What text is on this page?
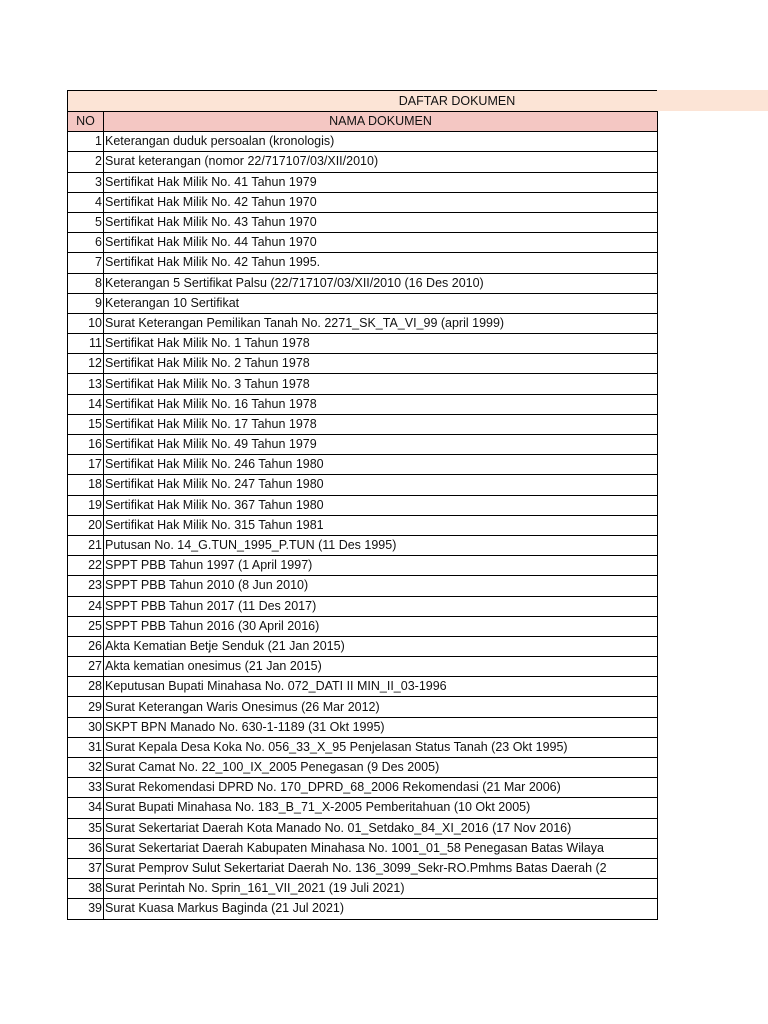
DAFTAR DOKUMEN
NO	NAMA DOKUMEN
1	Keterangan duduk persoalan (kronologis)
2	Surat keterangan (nomor 22/717107/03/XII/2010)
3	Sertifikat Hak Milik No. 41 Tahun 1979
4	Sertifikat Hak Milik No. 42 Tahun 1970
5	Sertifikat Hak Milik No. 43 Tahun 1970
6	Sertifikat Hak Milik No. 44 Tahun 1970
7	Sertifikat Hak Milik No. 42 Tahun 1995.
8	Keterangan 5 Sertifikat Palsu (22/717107/03/XII/2010 (16 Des 2010)
9	Keterangan 10 Sertifikat
10	Surat Keterangan Pemilikan Tanah No. 2271_SK_TA_VI_99 (april 1999)
11	Sertifikat Hak Milik No. 1 Tahun 1978
12	Sertifikat Hak Milik No. 2 Tahun 1978
13	Sertifikat Hak Milik No. 3 Tahun 1978
14	Sertifikat Hak Milik No. 16 Tahun 1978
15	Sertifikat Hak Milik No. 17 Tahun 1978
16	Sertifikat Hak Milik No. 49 Tahun 1979
17	Sertifikat Hak Milik No. 246 Tahun 1980
18	Sertifikat Hak Milik No. 247 Tahun 1980
19	Sertifikat Hak Milik No. 367 Tahun 1980
20	Sertifikat Hak Milik No. 315 Tahun 1981
21	Putusan No. 14_G.TUN_1995_P.TUN (11 Des 1995)
22	SPPT PBB Tahun 1997 (1 April 1997)
23	SPPT PBB Tahun 2010 (8 Jun 2010)
24	SPPT PBB Tahun 2017 (11 Des 2017)
25	SPPT PBB Tahun 2016 (30 April 2016)
26	Akta Kematian Betje Senduk (21 Jan 2015)
27	Akta kematian onesimus (21 Jan 2015)
28	Keputusan Bupati Minahasa No. 072_DATI II MIN_II_03-1996
29	Surat Keterangan Waris Onesimus (26 Mar 2012)
30	SKPT BPN Manado No. 630-1-1189 (31 Okt 1995)
31	Surat Kepala Desa Koka No. 056_33_X_95 Penjelasan Status Tanah (23 Okt 1995)
32	Surat Camat No. 22_100_IX_2005 Penegasan (9 Des 2005)
33	Surat Rekomendasi DPRD No. 170_DPRD_68_2006 Rekomendasi (21 Mar 2006)
34	Surat Bupati Minahasa No. 183_B_71_X-2005 Pemberitahuan (10 Okt 2005)
35	Surat Sekertariat Daerah Kota Manado No. 01_Setdako_84_XI_2016 (17 Nov 2016)
36	Surat Sekertariat Daerah Kabupaten Minahasa No. 1001_01_58 Penegasan Batas Wilaya
37	Surat Pemprov Sulut Sekertariat Daerah No. 136_3099_Sekr-RO.Pmhms Batas Daerah (2
38	Surat Perintah No. Sprin_161_VII_2021 (19 Juli 2021)
39	Surat Kuasa Markus Baginda (21 Jul 2021)
